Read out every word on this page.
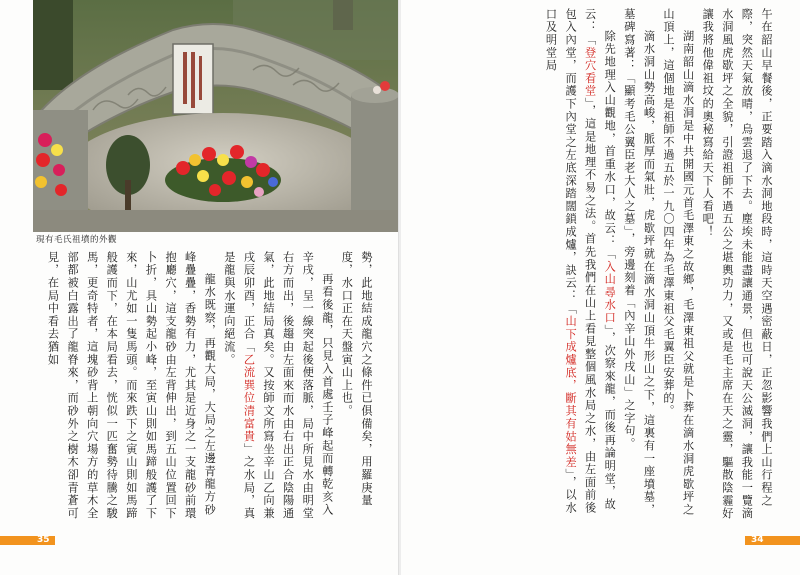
現有毛氏祖墳的外觀

勢，此地結成龍穴之條件已俱備矣，用羅庚量度，水口正在天盤寅山上也。

再看後龍，只見入首處壬子峰起而轉乾亥入辛戌，呈一線突起後便落脈，局中所見水由明堂右方而出，後趨由左面來而水由右出正合陰陽通氣，此地結局真矣。又按師文所寫坐辛山乙向兼戌辰卯酉，正合「乙流巽位清富貴」之水局，真是龍與水運向絕流。

龍水既察，再觀大局，大局之左邊青龍方砂峰疊疊，香勢有力，尤其是近身之一支龍砂前環抱廳穴，這支龍砂由左背伸出，到五山位置回下卜折，具山勢起小峰，至寅山則如馬蹄般護了下來，山尤如一隻馬頭。而來跌下之寅山則如馬蹄般護而下，在本局看去，恍似一匹奮勢待騰之駿馬，更奇特者，這塊砂背上朝向穴場方的草木全部都被白露出了龍脊來，而砂外之樹木卻青蒼可見，在局中看去猶如

35

午在韶山早餐後，正要踏入滴水洞地段時，這時天空遇密蔽日，正忽影響我們上山行程之際，突然天氣放晴，烏雲退了下去。塵埃未能盡讓通景，但也可說天公滅洞，讓我能一覽滴水洞風虎歇坪之全貌，引證祖師不過五公之堪輿功力，又或是毛主席在天之靈，驅散陰霾好讓我將他偉祖坟的奧秘寫給天下人看吧！

湖南韶山滴水洞是中共開國元首毛澤東之故鄉，毛澤東祖父就是卜葬在滴水洞虎歇坪之山頂上，這個地是祖師不過五於一九〇四年為毛澤東祖父毛翼臣安葬的。

滴水洞山勢高峻，脈厚而氣壯，虎歇坪就在滴水洞山頂牛形山之下，這裏有一座墳墓，墓碑寫著：「顯考毛公翼臣老大人之墓」，旁邊刻着「內辛山外戌山」之字句。

除先地理入山觀地，首重水口，故云：「入山尋水口」，次察來龍，而後再論明堂，故云：「登穴看堂」，這是地理不易之法。首先我們在山上看見整個風水局之水，由左面前後包入內堂，而護下內堂之左底深踏闊鎖成爐，訣云：「山下成爐底，斷其有姑無差」，以水口及明堂局

34
